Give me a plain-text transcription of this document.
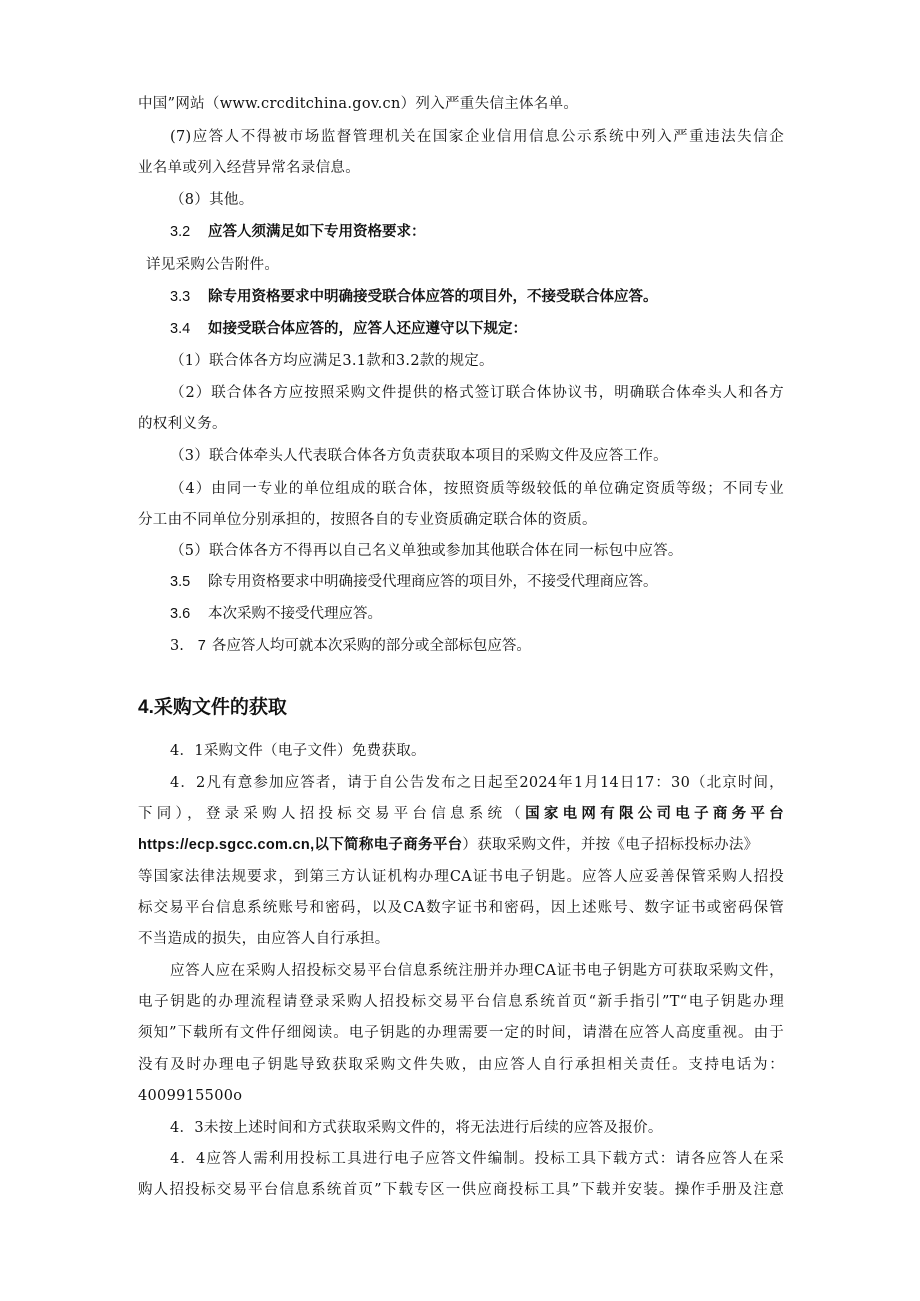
中国”网站（www.crcditchina.gov.cn）列入严重失信主体名单。
(7)应答人不得被市场监督管理机关在国家企业信用信息公示系统中列入严重违法失信企
业名单或列入经营异常名录信息。
（8）其他。
3.2 应答人须满足如下专用资格要求：
详见采购公告附件。
3.3 除专用资格要求中明确接受联合体应答的项目外，不接受联合体应答。
3.4 如接受联合体应答的，应答人还应遵守以下规定：
（1）联合体各方均应满足3.1款和3.2款的规定。
（2）联合体各方应按照采购文件提供的格式签订联合体协议书，明确联合体牵头人和各方
的权利义务。
（3）联合体牵头人代表联合体各方负责获取本项目的采购文件及应答工作。
（4）由同一专业的单位组成的联合体，按照资质等级较低的单位确定资质等级；不同专业
分工由不同单位分别承担的，按照各自的专业资质确定联合体的资质。
（5）联合体各方不得再以自己名义单独或参加其他联合体在同一标包中应答。
3.5 除专用资格要求中明确接受代理商应答的项目外，不接受代理商应答。
3.6 本次采购不接受代理应答。
3. 7 各应答人均可就本次采购的部分或全部标包应答。
4.采购文件的获取
4．1采购文件（电子文件）免费获取。
4．2凡有意参加应答者，请于自公告发布之日起至2024年1月14日17：30（北京时间，
下同），登录采购人招投标交易平台信息系统（国家电网有限公司电子商务平台
https://ecp.sgcc.com.cn,以下简称电子商务平台）获取采购文件，并按《电子招标投标办法》
等国家法律法规要求，到第三方认证机构办理CA证书电子钥匙。应答人应妥善保管采购人招投
标交易平台信息系统账号和密码，以及CA数字证书和密码，因上述账号、数字证书或密码保管
不当造成的损失，由应答人自行承担。
应答人应在采购人招投标交易平台信息系统注册并办理CA证书电子钥匙方可获取采购文件，
电子钥匙的办理流程请登录采购人招投标交易平台信息系统首页“新手指引”T“电子钥匙办理
须知”下载所有文件仔细阅读。电子钥匙的办理需要一定的时间，请潜在应答人高度重视。由于
没有及时办理电子钥匙导致获取采购文件失败，由应答人自行承担相关责任。支持电话为：
4009915500o
4．3未按上述时间和方式获取采购文件的，将无法进行后续的应答及报价。
4．4应答人需利用投标工具进行电子应答文件编制。投标工具下载方式：请各应答人在采
购人招投标交易平台信息系统首页”下载专区一供应商投标工具”下载并安装。操作手册及注意
